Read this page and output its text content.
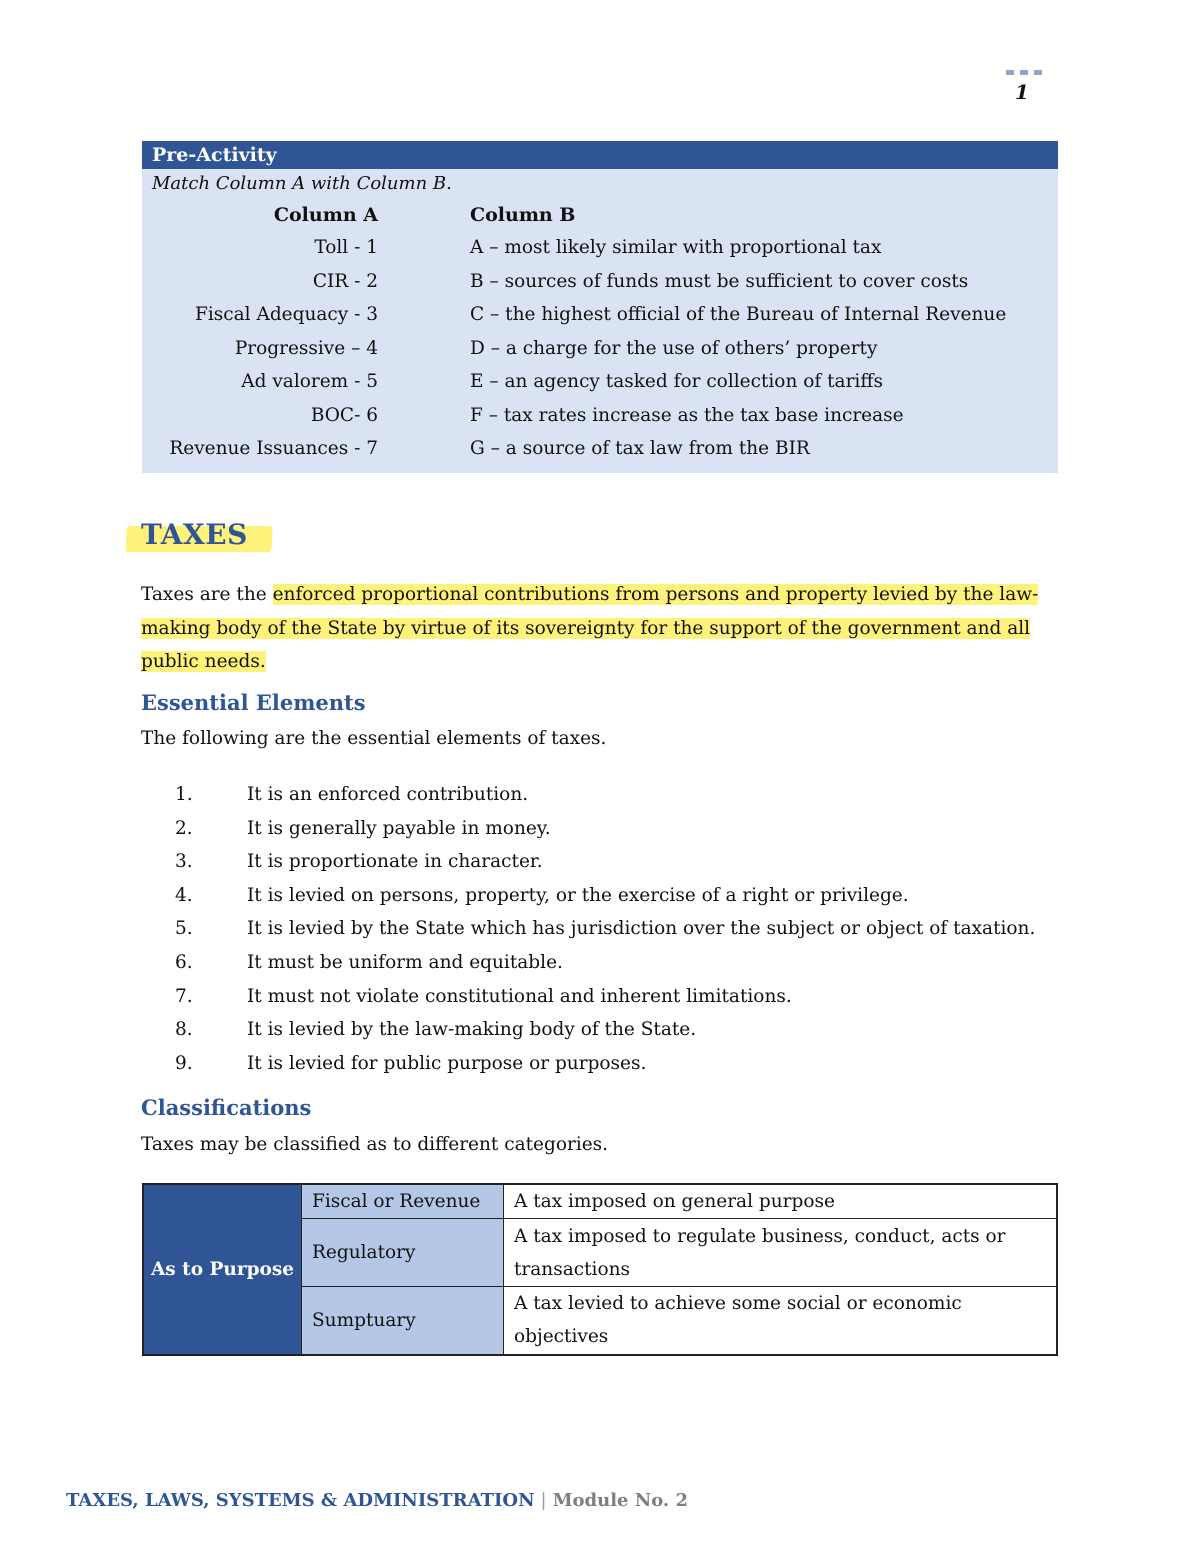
1
Pre-Activity
Match Column A with Column B.
Column A	Column B
Toll - 1	A – most likely similar with proportional tax
CIR - 2	B – sources of funds must be sufficient to cover costs
Fiscal Adequacy - 3	C – the highest official of the Bureau of Internal Revenue
Progressive – 4	D – a charge for the use of others’ property
Ad valorem - 5	E – an agency tasked for collection of tariffs
BOC- 6	F – tax rates increase as the tax base increase
Revenue Issuances - 7	G – a source of tax law from the BIR
TAXES
Taxes are the enforced proportional contributions from persons and property levied by the law-
making body of the State by virtue of its sovereignty for the support of the government and all
public needs.
Essential Elements
The following are the essential elements of taxes.
1.	It is an enforced contribution.
2.	It is generally payable in money.
3.	It is proportionate in character.
4.	It is levied on persons, property, or the exercise of a right or privilege.
5.	It is levied by the State which has jurisdiction over the subject or object of taxation.
6.	It must be uniform and equitable.
7.	It must not violate constitutional and inherent limitations.
8.	It is levied by the law-making body of the State.
9.	It is levied for public purpose or purposes.
Classifications
Taxes may be classified as to different categories.
As to Purpose	Fiscal or Revenue	A tax imposed on general purpose
	Regulatory	A tax imposed to regulate business, conduct, acts or transactions
	Sumptuary	A tax levied to achieve some social or economic objectives
TAXES, LAWS, SYSTEMS & ADMINISTRATION | Module No. 2
